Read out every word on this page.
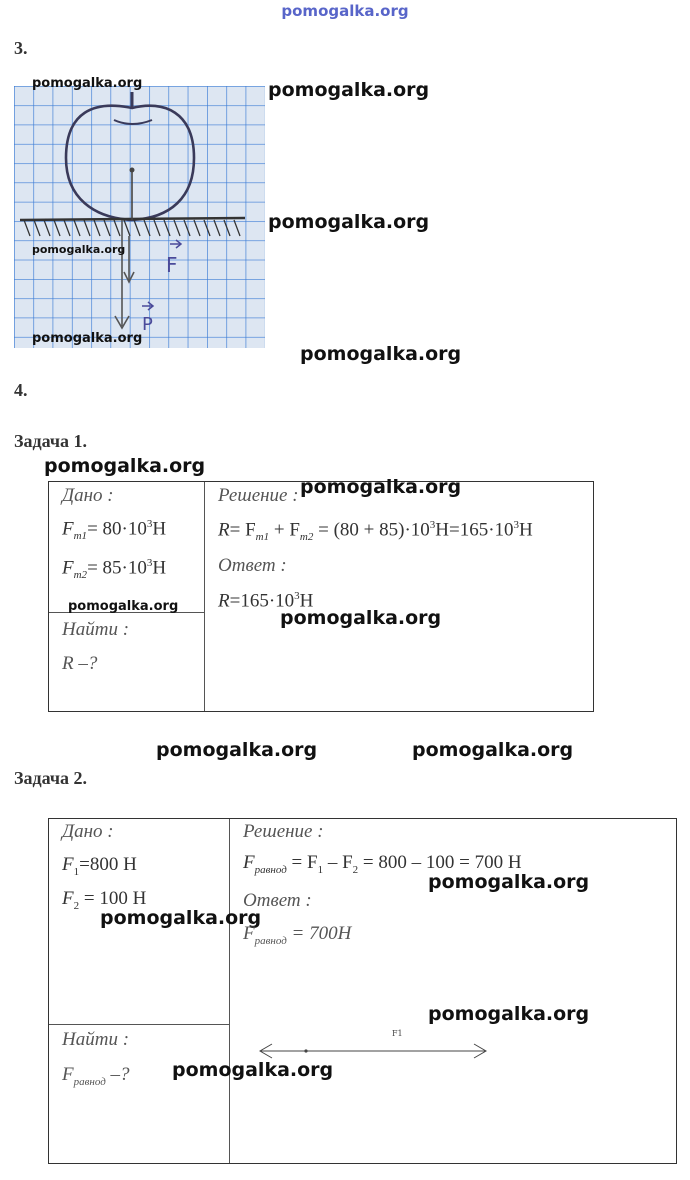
pomogalka.org
3.
F
P
pomogalka.org
pomogalka.org
pomogalka.org
pomogalka.org
pomogalka.org
pomogalka.org
4.
Задача 1.
pomogalka.org
Дано :
$F_{т1}= 80\cdot 10^3Н$
$F_{т2}= 85\cdot 10^3Н$
pomogalka.org
Найти :
R –?
Решение : pomogalka.org
$R= F_{т1} + F_{т2} = (80 + 85)\cdot 10^3Н=165\cdot 10^3Н$
Ответ :
$R=165\cdot 10^3Н$
pomogalka.org
pomogalka.org	pomogalka.org
Задача 2.
Дано :
$F_1=800$ Н
$F_2 = 100$ Н
pomogalka.org
Найти :
$F_{равнод}$ –? pomogalka.org
Решение :
$F_{равнод} = F_1 - F_2 = 800 - 100 = 700$ Н
pomogalka.org
Ответ :
$F_{равнод} = 700Н$
pomogalka.org
F1
